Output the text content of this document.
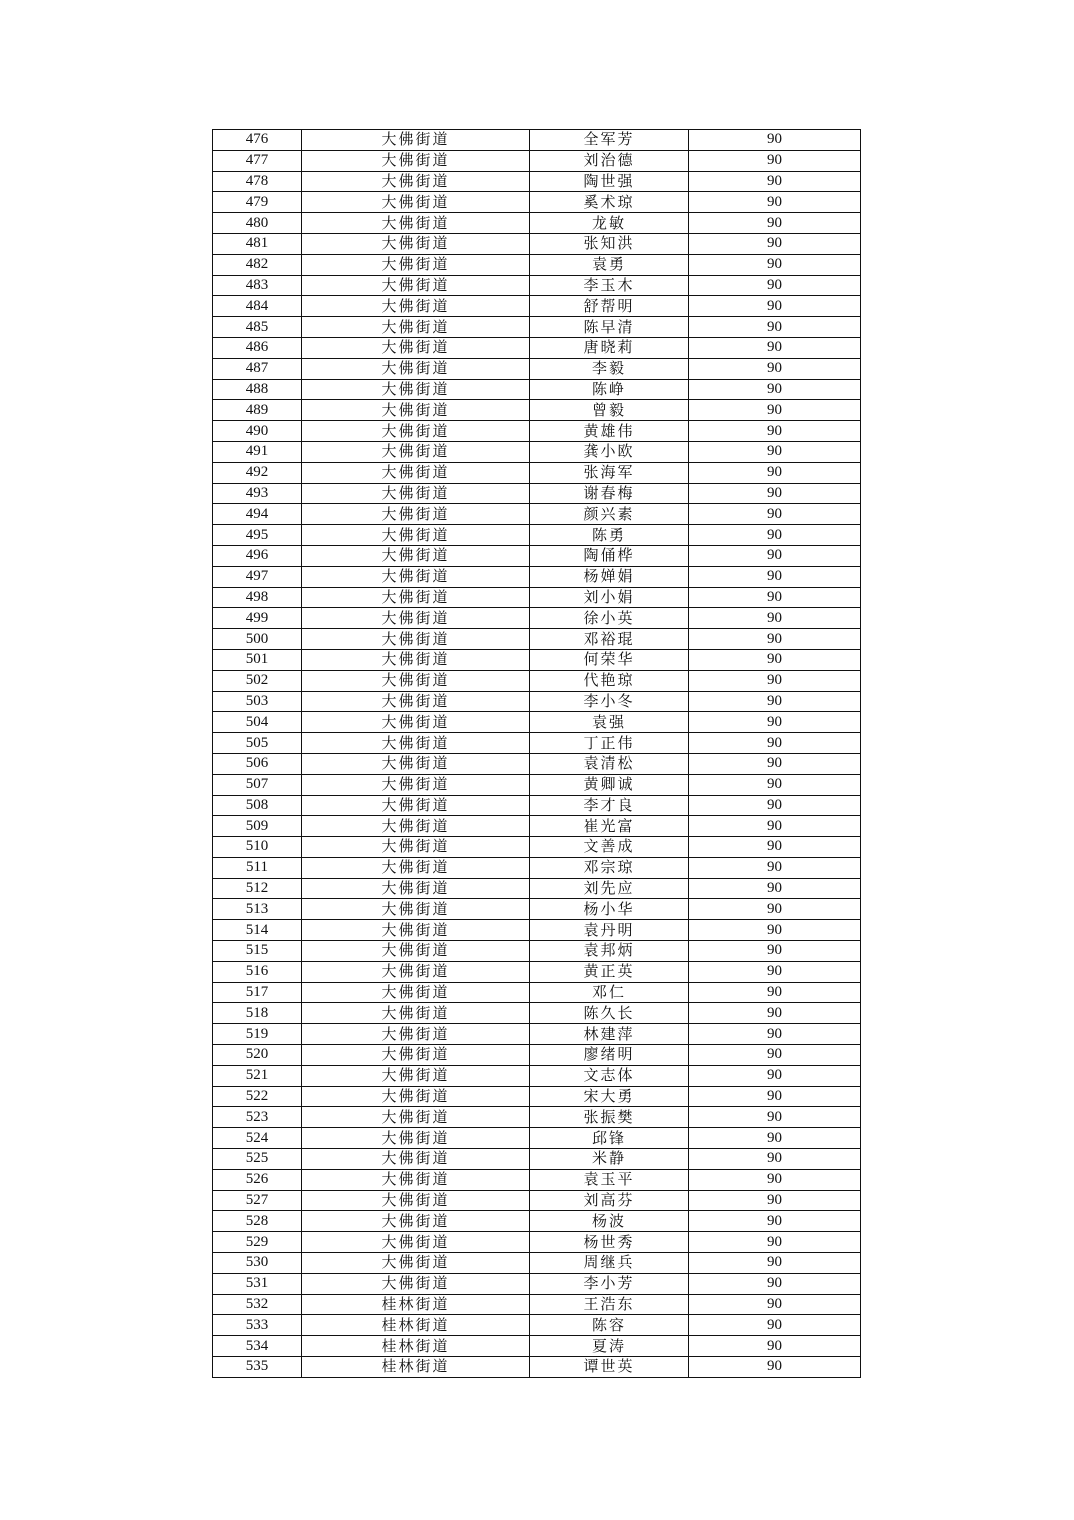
476	大佛街道	全军芳	90
477	大佛街道	刘治德	90
478	大佛街道	陶世强	90
479	大佛街道	奚术琼	90
480	大佛街道	龙敏	90
481	大佛街道	张知洪	90
482	大佛街道	袁勇	90
483	大佛街道	李玉木	90
484	大佛街道	舒帮明	90
485	大佛街道	陈早清	90
486	大佛街道	唐晓莉	90
487	大佛街道	李毅	90
488	大佛街道	陈峥	90
489	大佛街道	曾毅	90
490	大佛街道	黄雄伟	90
491	大佛街道	龚小欧	90
492	大佛街道	张海军	90
493	大佛街道	谢春梅	90
494	大佛街道	颜兴素	90
495	大佛街道	陈勇	90
496	大佛街道	陶俑桦	90
497	大佛街道	杨婵娟	90
498	大佛街道	刘小娟	90
499	大佛街道	徐小英	90
500	大佛街道	邓裕琨	90
501	大佛街道	何荣华	90
502	大佛街道	代艳琼	90
503	大佛街道	李小冬	90
504	大佛街道	袁强	90
505	大佛街道	丁正伟	90
506	大佛街道	袁清松	90
507	大佛街道	黄卿诚	90
508	大佛街道	李才良	90
509	大佛街道	崔光富	90
510	大佛街道	文善成	90
511	大佛街道	邓宗琼	90
512	大佛街道	刘先应	90
513	大佛街道	杨小华	90
514	大佛街道	袁丹明	90
515	大佛街道	袁邦炳	90
516	大佛街道	黄正英	90
517	大佛街道	邓仁	90
518	大佛街道	陈久长	90
519	大佛街道	林建萍	90
520	大佛街道	廖绪明	90
521	大佛街道	文志体	90
522	大佛街道	宋大勇	90
523	大佛街道	张振樊	90
524	大佛街道	邱锋	90
525	大佛街道	米静	90
526	大佛街道	袁玉平	90
527	大佛街道	刘高芬	90
528	大佛街道	杨波	90
529	大佛街道	杨世秀	90
530	大佛街道	周继兵	90
531	大佛街道	李小芳	90
532	桂林街道	王浩东	90
533	桂林街道	陈容	90
534	桂林街道	夏涛	90
535	桂林街道	谭世英	90
